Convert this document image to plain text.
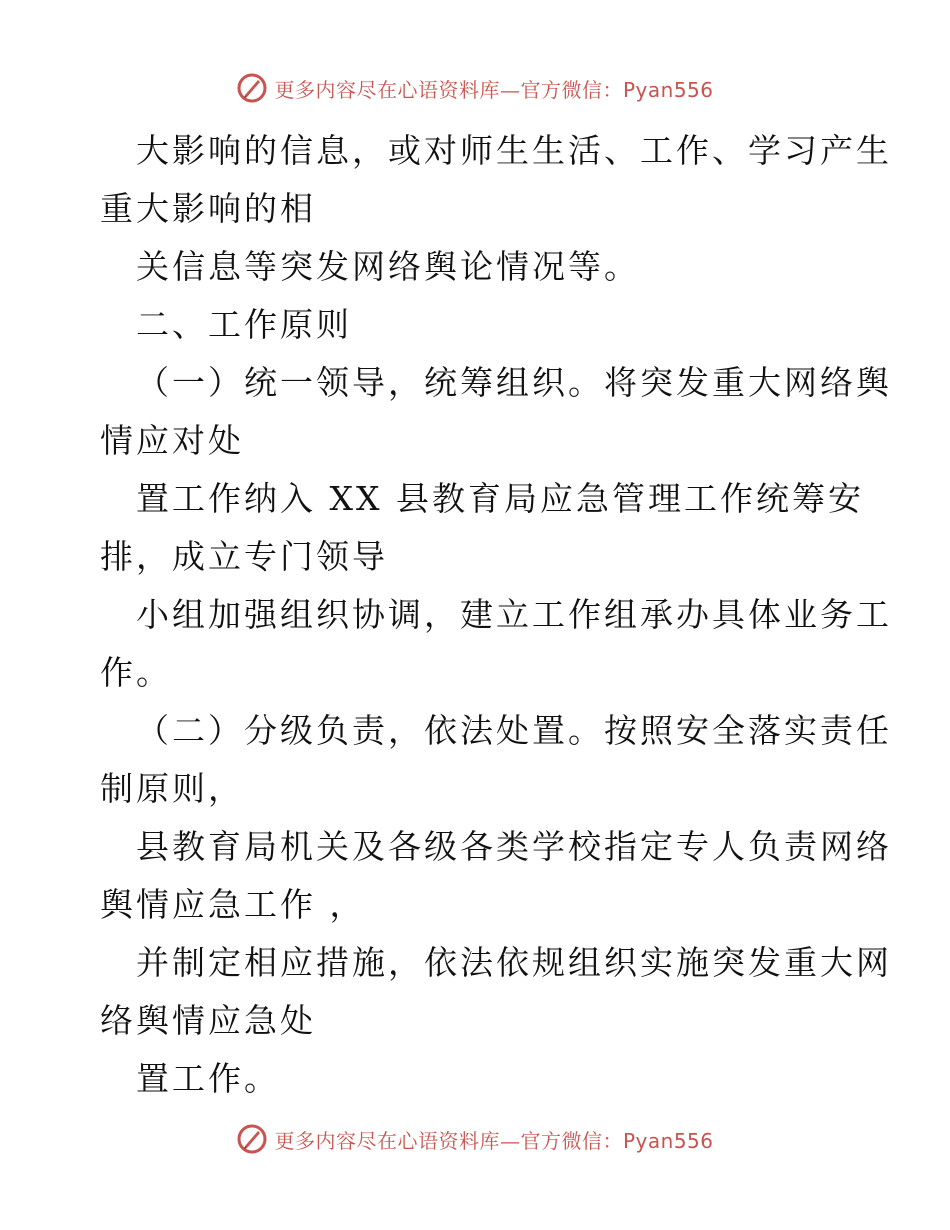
更多内容尽在心语资料库—官方微信：Pyan556
大影响的信息，或对师生生活、工作、学习产生
重大影响的相
关信息等突发网络舆论情况等。
二、工作原则
（一）统一领导，统筹组织。将突发重大网络舆
情应对处
置工作纳入 XX 县教育局应急管理工作统筹安
排，成立专门领导
小组加强组织协调，建立工作组承办具体业务工
作。
（二）分级负责，依法处置。按照安全落实责任
制原则，
县教育局机关及各级各类学校指定专人负责网络
舆情应急工作 ，
并制定相应措施，依法依规组织实施突发重大网
络舆情应急处
置工作。
更多内容尽在心语资料库—官方微信：Pyan556
